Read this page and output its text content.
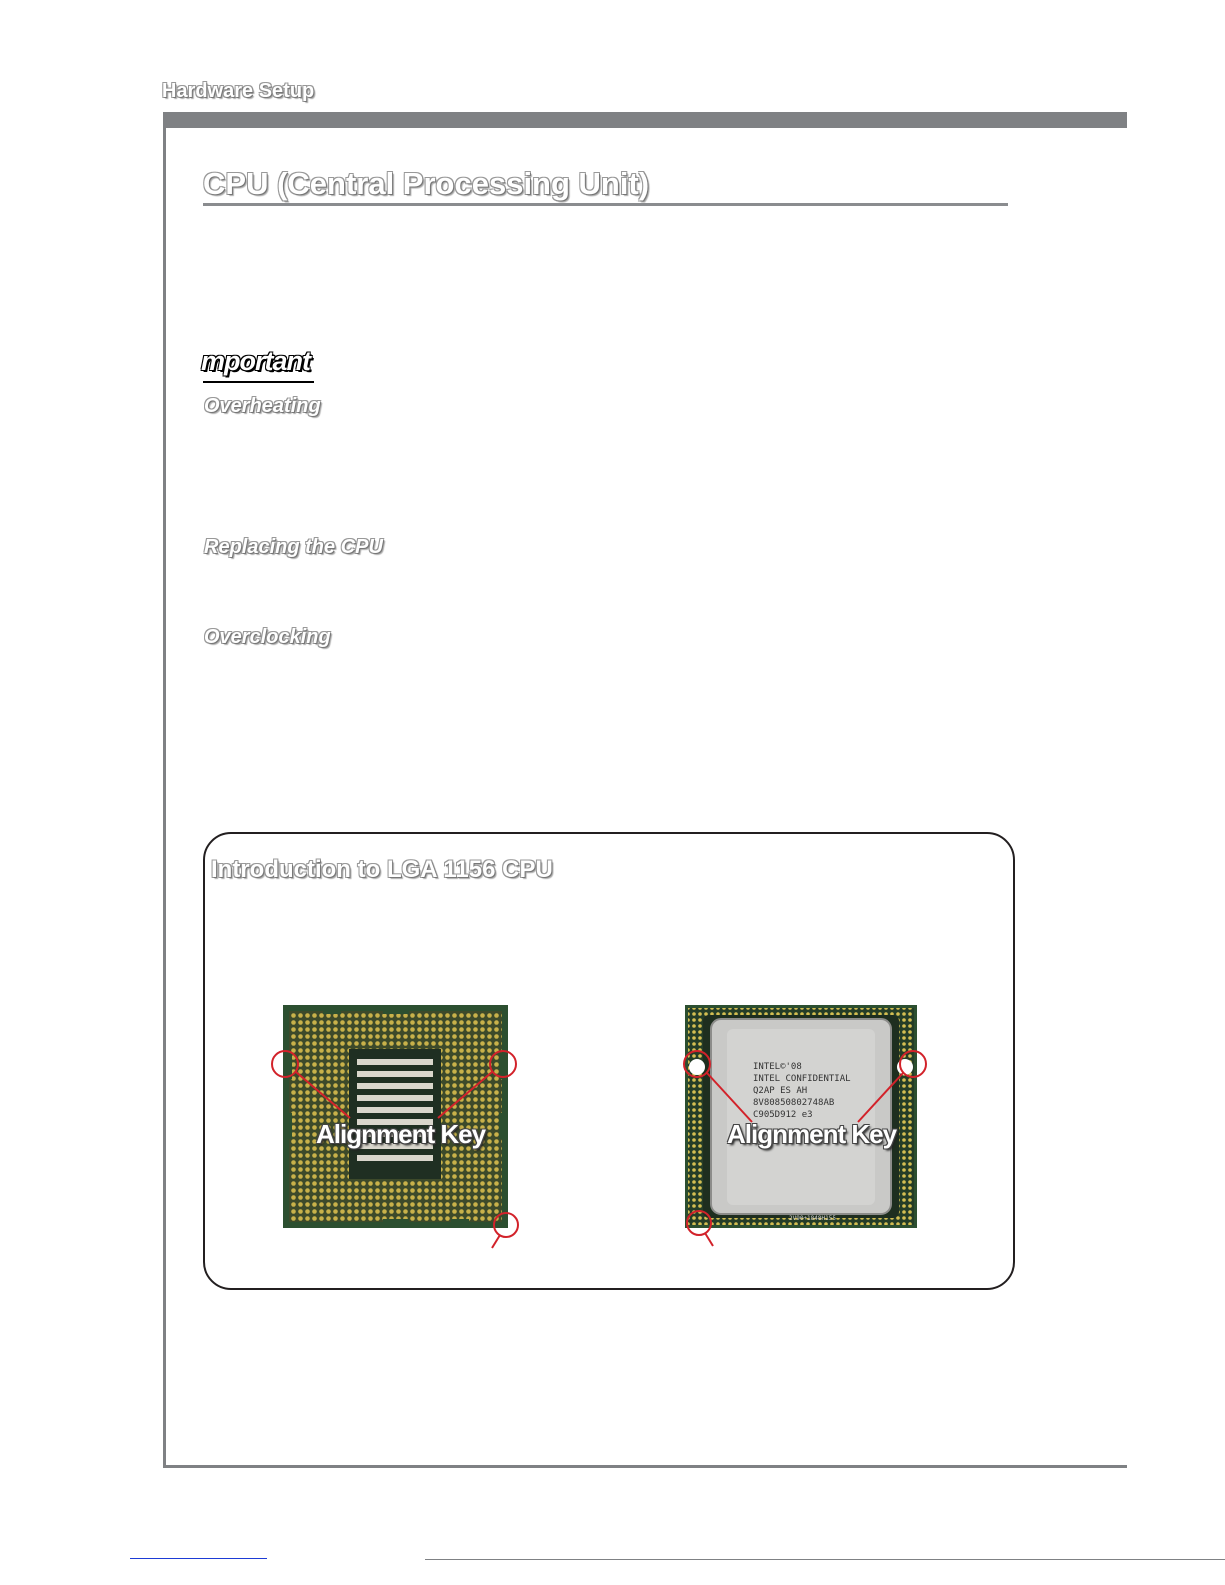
Hardware Setup
CPU (Central Processing Unit)
mportant
Overheating
Replacing the CPU
Overclocking
Introduction to LGA 1156 CPU
INTEL©'08
INTEL CONFIDENTIAL
Q2AP ES AH
8V80850802748AB
C905D912 e3
2V90+1848H155
Alignment Key	Alignment Key
